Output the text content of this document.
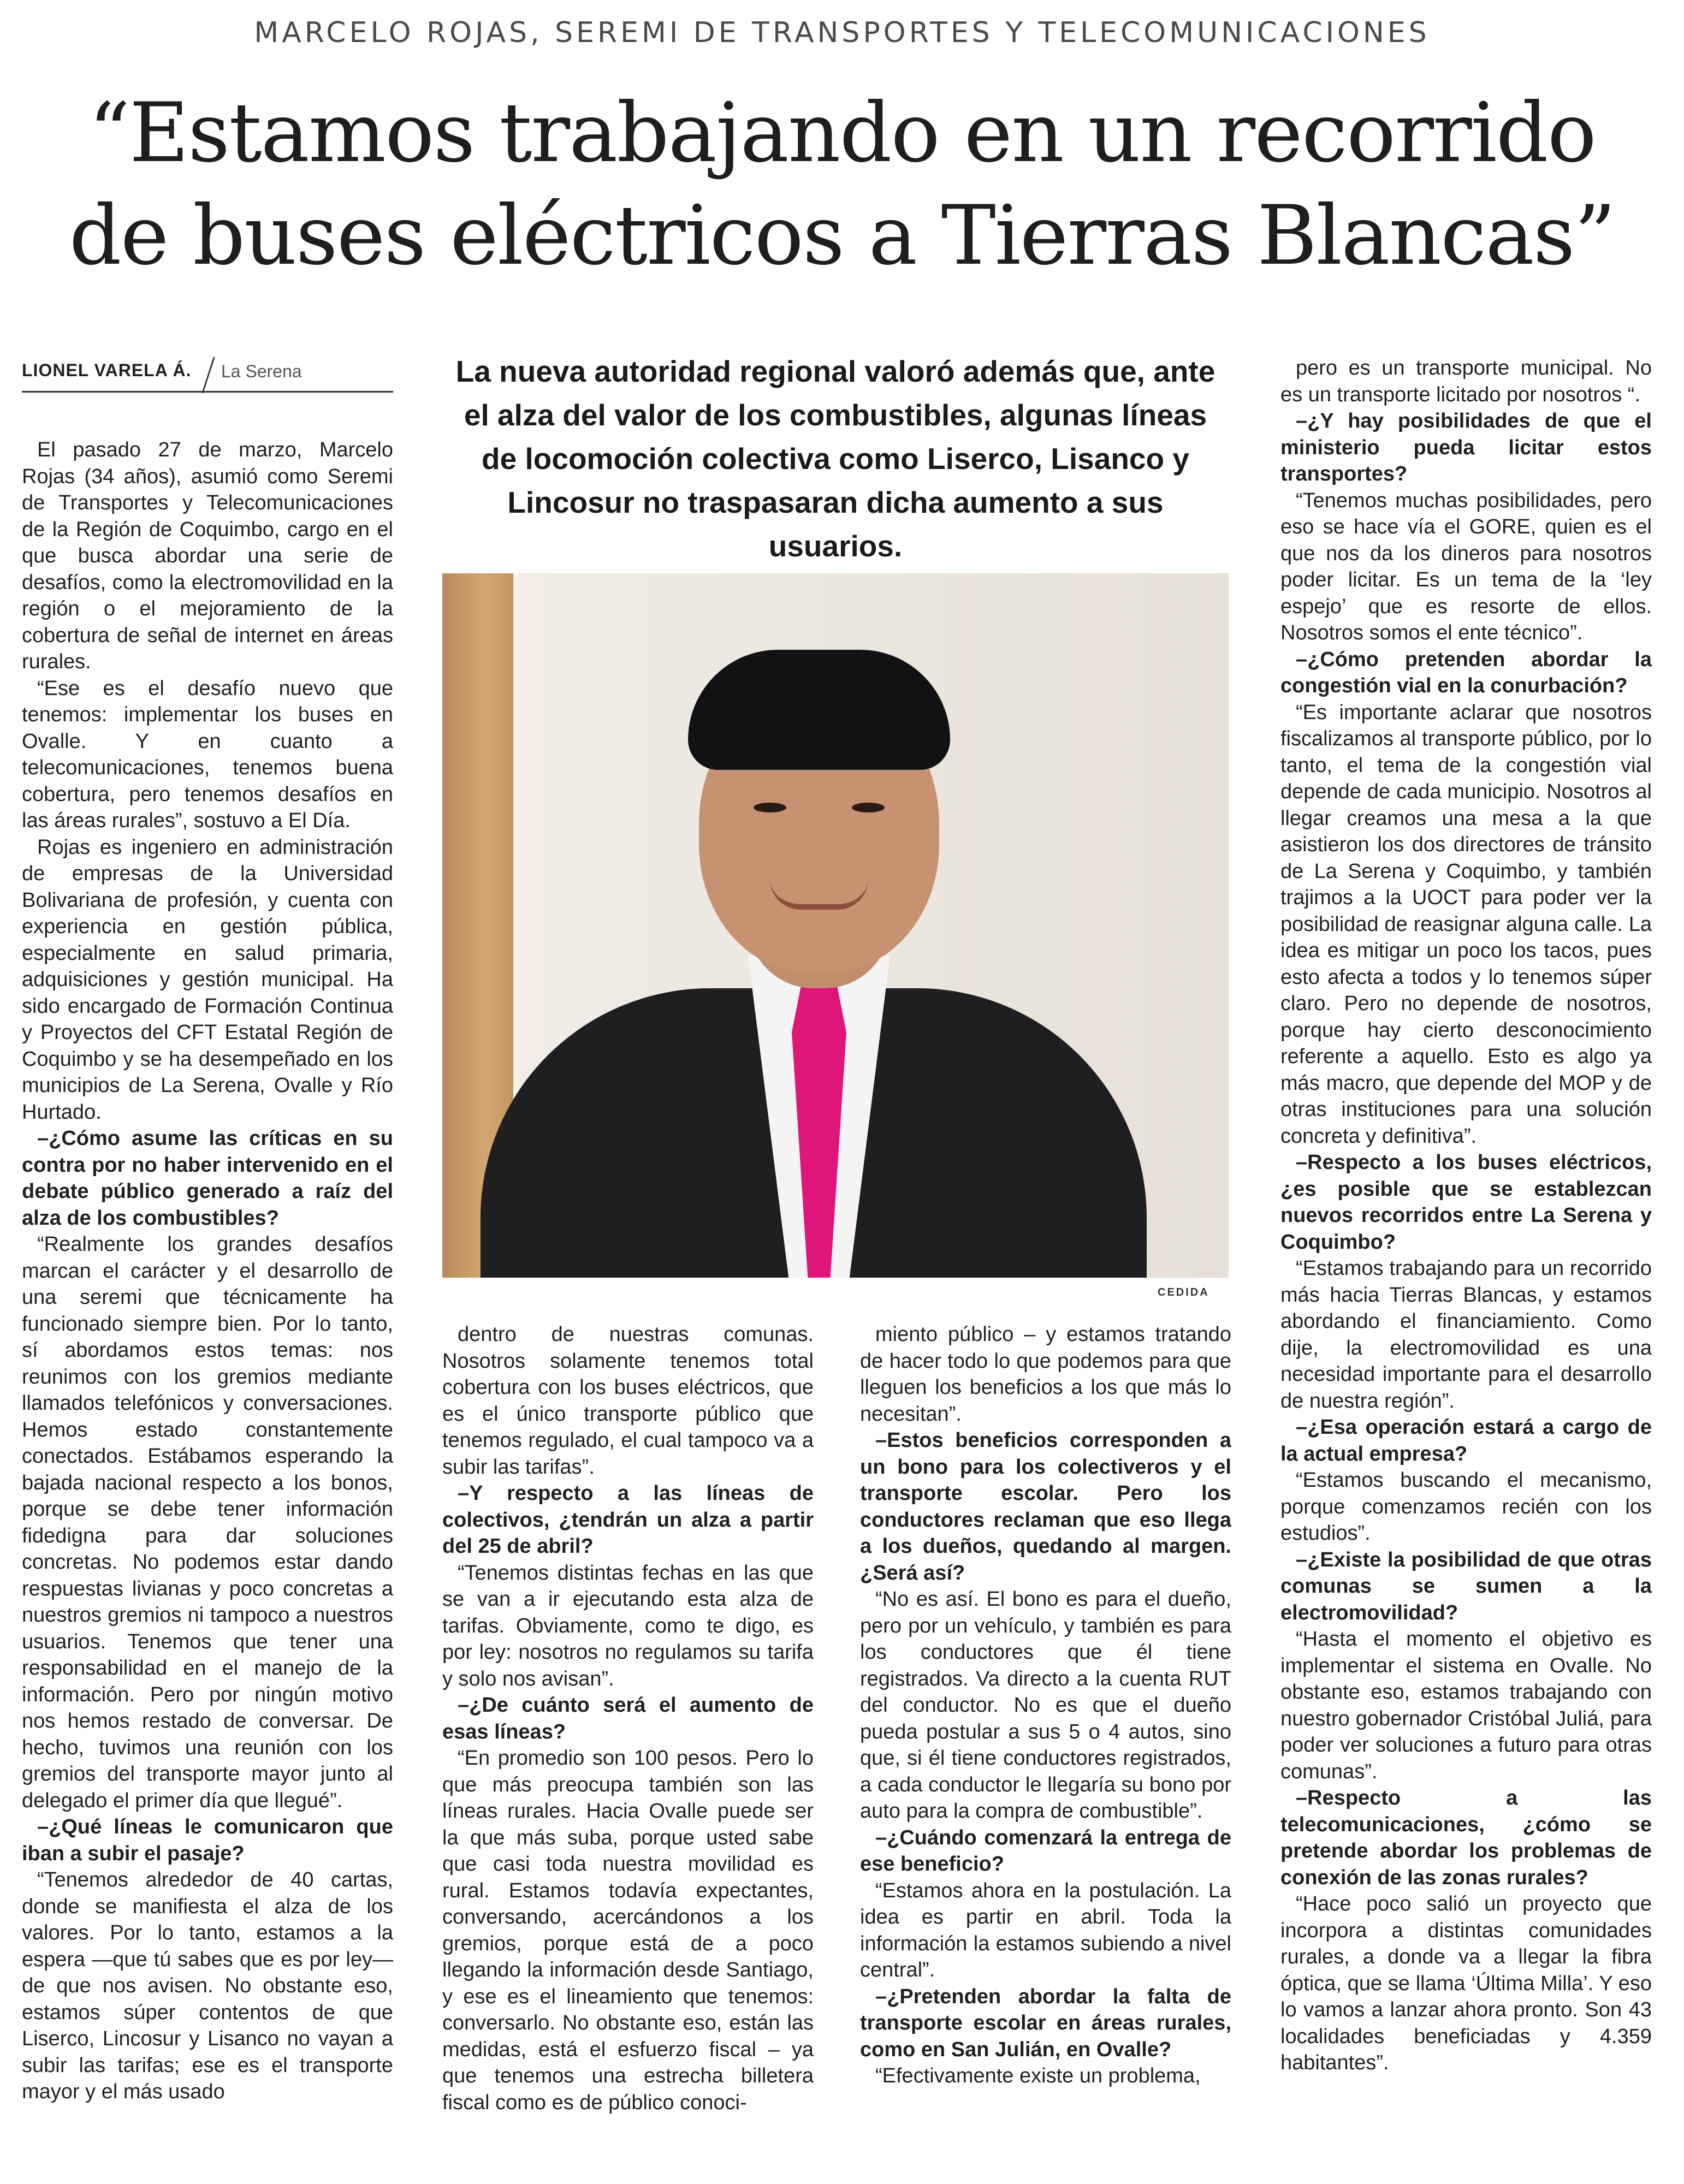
MARCELO ROJAS, SEREMI DE TRANSPORTES Y TELECOMUNICACIONES
“Estamos trabajando en un recorrido
de buses eléctricos a Tierras Blancas”
LIONEL VARELA Á. La Serena	La nueva autoridad regional valoró además que, ante el alza del valor de los combustibles, algunas líneas de locomoción colectiva como Liserco, Lisanco y Lincosur no traspasaran dicha aumento a sus usuarios.

CEDIDA

El pasado 27 de marzo, Marcelo Rojas (34 años), asumió como Seremi de Transportes y Telecomunicaciones de la Región de Coquimbo, cargo en el que busca abordar una serie de desafíos, como la electromovilidad en la región o el mejoramiento de la cobertura de señal de internet en áreas rurales.

“Ese es el desafío nuevo que tenemos: implementar los buses en Ovalle. Y en cuanto a telecomunicaciones, tenemos buena cobertura, pero tenemos desafíos en las áreas rurales”, sostuvo a El Día.

Rojas es ingeniero en administración de empresas de la Universidad Bolivariana de profesión, y cuenta con experiencia en gestión pública, especialmente en salud primaria, adquisiciones y gestión municipal. Ha sido encargado de Formación Continua y Proyectos del CFT Estatal Región de Coquimbo y se ha desempeñado en los municipios de La Serena, Ovalle y Río Hurtado.

–¿Cómo asume las críticas en su contra por no haber intervenido en el debate público generado a raíz del alza de los combustibles?

“Realmente los grandes desafíos marcan el carácter y el desarrollo de una seremi que técnicamente ha funcionado siempre bien. Por lo tanto, sí abordamos estos temas: nos reunimos con los gremios mediante llamados telefónicos y conversaciones. Hemos estado constantemente conectados. Estábamos esperando la bajada nacional respecto a los bonos, porque se debe tener información fidedigna para dar soluciones concretas. No podemos estar dando respuestas livianas y poco concretas a nuestros gremios ni tampoco a nuestros usuarios. Tenemos que tener una responsabilidad en el manejo de la información. Pero por ningún motivo nos hemos restado de conversar. De hecho, tuvimos una reunión con los gremios del transporte mayor junto al delegado el primer día que llegué”.

–¿Qué líneas le comunicaron que iban a subir el pasaje?

“Tenemos alrededor de 40 cartas, donde se manifiesta el alza de los valores. Por lo tanto, estamos a la espera —que tú sabes que es por ley— de que nos avisen. No obstante eso, estamos súper contentos de que Liserco, Lincosur y Lisanco no vayan a subir las tarifas; ese es el transporte mayor y el más usado

dentro de nuestras comunas. Nosotros solamente tenemos total cobertura con los buses eléctricos, que es el único transporte público que tenemos regulado, el cual tampoco va a subir las tarifas”.

–Y respecto a las líneas de colectivos, ¿tendrán un alza a partir del 25 de abril?

“Tenemos distintas fechas en las que se van a ir ejecutando esta alza de tarifas. Obviamente, como te digo, es por ley: nosotros no regulamos su tarifa y solo nos avisan”.

–¿De cuánto será el aumento de esas líneas?

“En promedio son 100 pesos. Pero lo que más preocupa también son las líneas rurales. Hacia Ovalle puede ser la que más suba, porque usted sabe que casi toda nuestra movilidad es rural. Estamos todavía expectantes, conversando, acercándonos a los gremios, porque está de a poco llegando la información desde Santiago, y ese es el lineamiento que tenemos: conversarlo. No obstante eso, están las medidas, está el esfuerzo fiscal – ya que tenemos una estrecha billetera fiscal como es de público conoci-

miento público – y estamos tratando de hacer todo lo que podemos para que lleguen los beneficios a los que más lo necesitan”.

–Estos beneficios corresponden a un bono para los colectiveros y el transporte escolar. Pero los conductores reclaman que eso llega a los dueños, quedando al margen. ¿Será así?

“No es así. El bono es para el dueño, pero por un vehículo, y también es para los conductores que él tiene registrados. Va directo a la cuenta RUT del conductor. No es que el dueño pueda postular a sus 5 o 4 autos, sino que, si él tiene conductores registrados, a cada conductor le llegaría su bono por auto para la compra de combustible”.

–¿Cuándo comenzará la entrega de ese beneficio?

“Estamos ahora en la postulación. La idea es partir en abril. Toda la información la estamos subiendo a nivel central”.

–¿Pretenden abordar la falta de transporte escolar en áreas rurales, como en San Julián, en Ovalle?

“Efectivamente existe un problema,

pero es un transporte municipal. No es un transporte licitado por nosotros “.

–¿Y hay posibilidades de que el ministerio pueda licitar estos transportes?

“Tenemos muchas posibilidades, pero eso se hace vía el GORE, quien es el que nos da los dineros para nosotros poder licitar. Es un tema de la ‘ley espejo’ que es resorte de ellos. Nosotros somos el ente técnico”.

–¿Cómo pretenden abordar la congestión vial en la conurbación?

“Es importante aclarar que nosotros fiscalizamos al transporte público, por lo tanto, el tema de la congestión vial depende de cada municipio. Nosotros al llegar creamos una mesa a la que asistieron los dos directores de tránsito de La Serena y Coquimbo, y también trajimos a la UOCT para poder ver la posibilidad de reasignar alguna calle. La idea es mitigar un poco los tacos, pues esto afecta a todos y lo tenemos súper claro. Pero no depende de nosotros, porque hay cierto desconocimiento referente a aquello. Esto es algo ya más macro, que depende del MOP y de otras instituciones para una solución concreta y definitiva”.

–Respecto a los buses eléctricos, ¿es posible que se establezcan nuevos recorridos entre La Serena y Coquimbo?

“Estamos trabajando para un recorrido más hacia Tierras Blancas, y estamos abordando el financiamiento. Como dije, la electromovilidad es una necesidad importante para el desarrollo de nuestra región”.

–¿Esa operación estará a cargo de la actual empresa?

“Estamos buscando el mecanismo, porque comenzamos recién con los estudios”.

–¿Existe la posibilidad de que otras comunas se sumen a la electromovilidad?

“Hasta el momento el objetivo es implementar el sistema en Ovalle. No obstante eso, estamos trabajando con nuestro gobernador Cristóbal Juliá, para poder ver soluciones a futuro para otras comunas”.

–Respecto a las telecomunicaciones, ¿cómo se pretende abordar los problemas de conexión de las zonas rurales?

“Hace poco salió un proyecto que incorpora a distintas comunidades rurales, a donde va a llegar la fibra óptica, que se llama ‘Última Milla’. Y eso lo vamos a lanzar ahora pronto. Son 43 localidades beneficiadas y 4.359 habitantes”.
